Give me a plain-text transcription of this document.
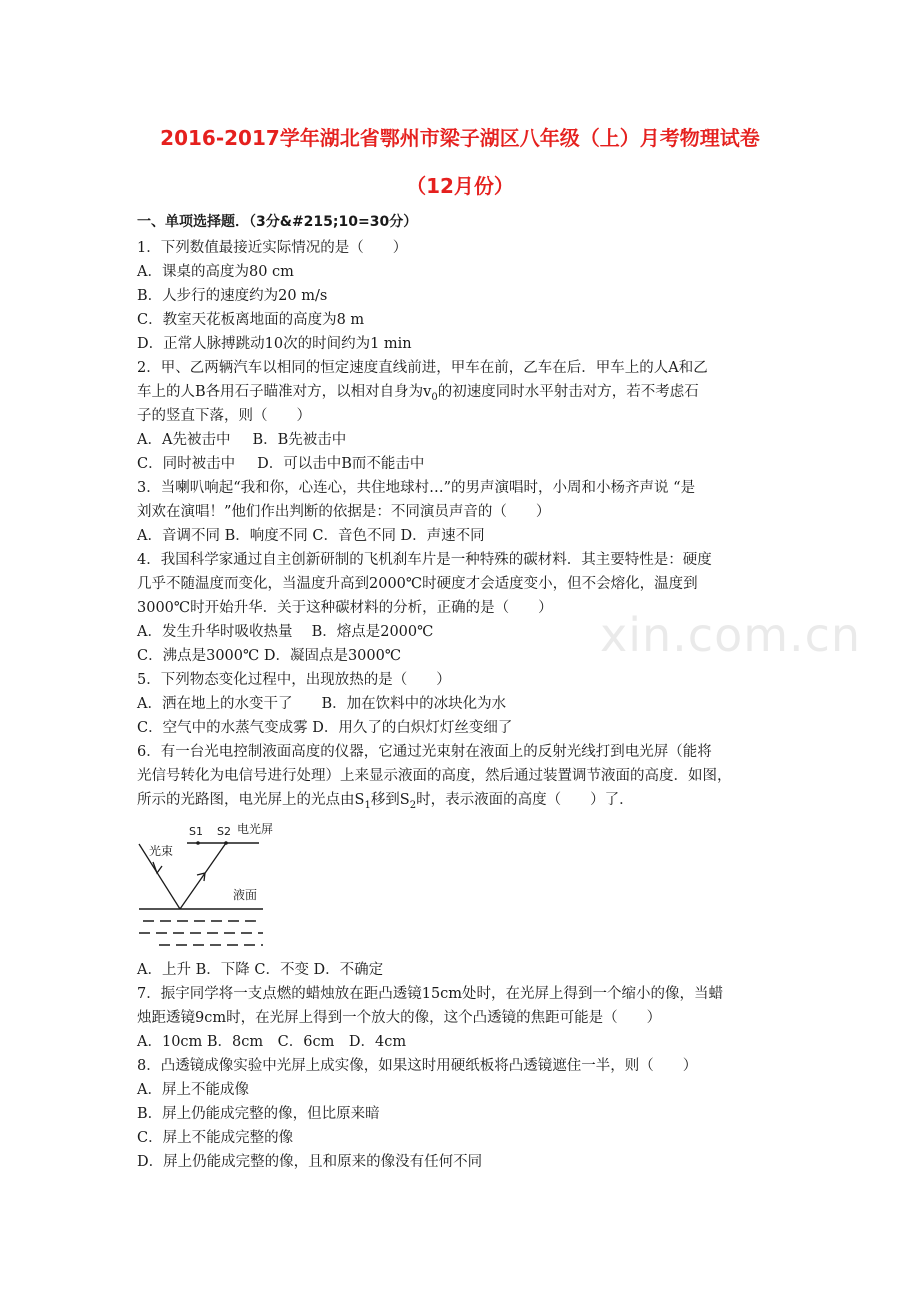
xin.com.cn
2016-2017学年湖北省鄂州市梁子湖区八年级（上）月考物理试卷
（12月份）
一、单项选择题．（3分&#215;10=30分）
1．下列数值最接近实际情况的是（　　）
A．课桌的高度为80 cm
B．人步行的速度约为20 m/s
C．教室天花板离地面的高度为8 m
D．正常人脉搏跳动10次的时间约为1 min
2．甲、乙两辆汽车以相同的恒定速度直线前进，甲车在前，乙车在后．甲车上的人A和乙
车上的人B各用石子瞄准对方，以相对自身为$v_0$的初速度同时水平射击对方，若不考虑石
子的竖直下落，则（　　）
A．A先被击中 B．B先被击中
C．同时被击中 D．可以击中B而不能击中
3．当喇叭响起“我和你，心连心，共住地球村…”的男声演唱时，小周和小杨齐声说 “是
刘欢在演唱！”他们作出判断的依据是：不同演员声音的（　　）
A．音调不同 B．响度不同 C．音色不同 D．声速不同
4．我国科学家通过自主创新研制的飞机刹车片是一种特殊的碳材料．其主要特性是：硬度
几乎不随温度而变化，当温度升高到2000℃时硬度才会适度变小，但不会熔化，温度到
3000℃时开始升华．关于这种碳材料的分析，正确的是（　　）
A．发生升华时吸收热量　 B．熔点是2000℃
C．沸点是3000℃ D．凝固点是3000℃
5．下列物态变化过程中，出现放热的是（　　）
A．洒在地上的水变干了　　B．加在饮料中的冰块化为水
C．空气中的水蒸气变成雾 D．用久了的白炽灯灯丝变细了
6．有一台光电控制液面高度的仪器，它通过光束射在液面上的反射光线打到电光屏（能将
光信号转化为电信号进行处理）上来显示液面的高度，然后通过装置调节液面的高度．如图，
所示的光路图，电光屏上的光点由$S_1$移到$S_2$时，表示液面的高度（　　）了．
S1 S2 电光屏
光束
液面
A．上升 B．下降 C．不变 D．不确定
7．振宇同学将一支点燃的蜡烛放在距凸透镜15cm处时，在光屏上得到一个缩小的像，当蜡
烛距透镜9cm时，在光屏上得到一个放大的像，这个凸透镜的焦距可能是（　　）
A．10cm B．8cm　C．6cm　D．4cm
8．凸透镜成像实验中光屏上成实像，如果这时用硬纸板将凸透镜遮住一半，则（　　）
A．屏上不能成像
B．屏上仍能成完整的像，但比原来暗
C．屏上不能成完整的像
D．屏上仍能成完整的像，且和原来的像没有任何不同
